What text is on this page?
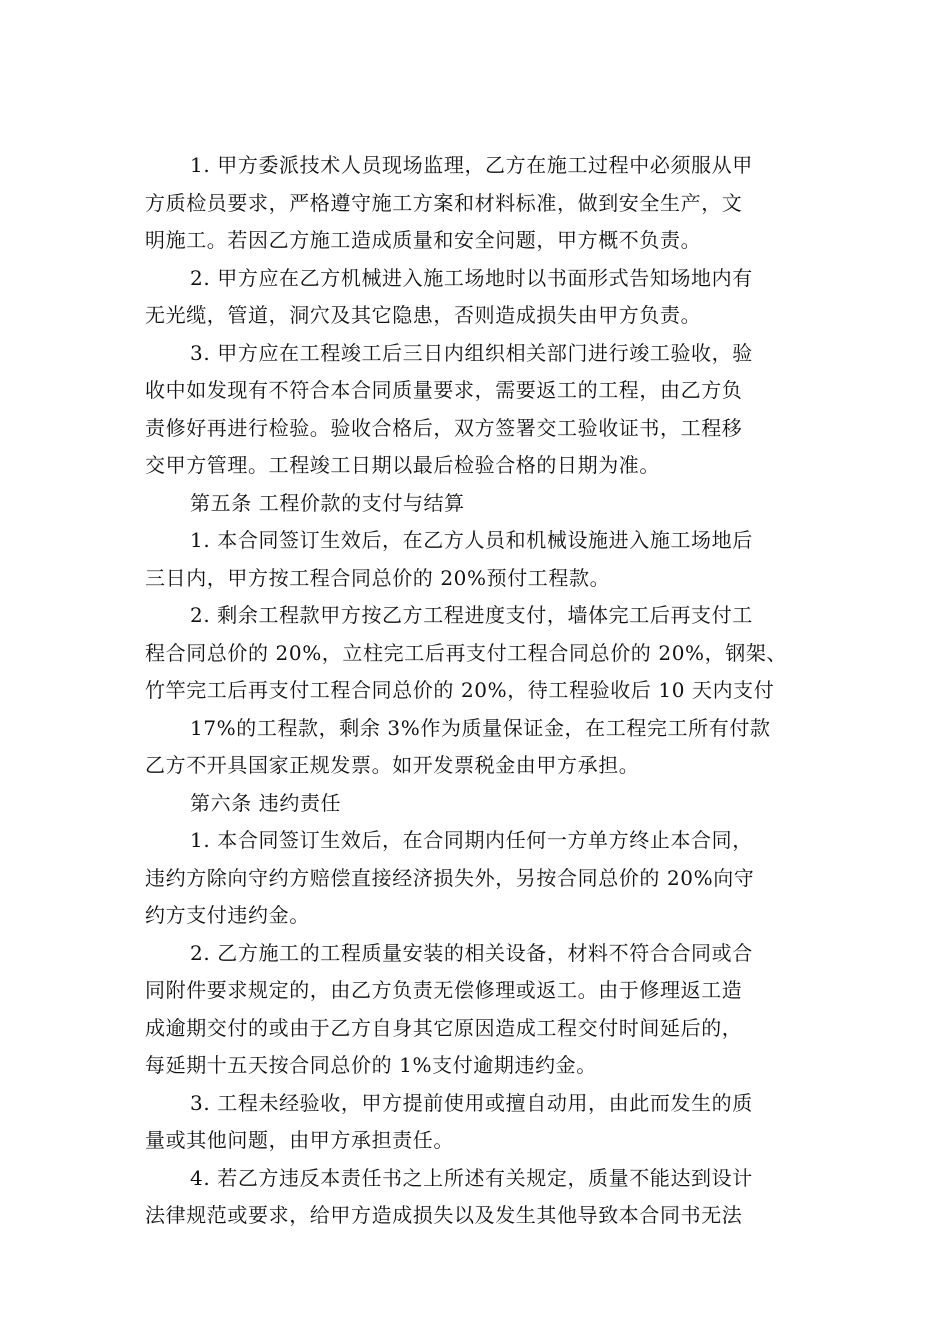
1. 甲方委派技术人员现场监理，乙方在施工过程中必须服从甲
方质检员要求，严格遵守施工方案和材料标准，做到安全生产，文
明施工。若因乙方施工造成质量和安全问题，甲方概不负责。
2. 甲方应在乙方机械进入施工场地时以书面形式告知场地内有
无光缆，管道，洞穴及其它隐患，否则造成损失由甲方负责。
3. 甲方应在工程竣工后三日内组织相关部门进行竣工验收，验
收中如发现有不符合本合同质量要求，需要返工的工程，由乙方负
责修好再进行检验。验收合格后，双方签署交工验收证书，工程移
交甲方管理。工程竣工日期以最后检验合格的日期为准。
第五条 工程价款的支付与结算
1. 本合同签订生效后，在乙方人员和机械设施进入施工场地后
三日内，甲方按工程合同总价的 20%预付工程款。
2. 剩余工程款甲方按乙方工程进度支付，墙体完工后再支付工
程合同总价的 20%，立柱完工后再支付工程合同总价的 20%，钢架、
竹竿完工后再支付工程合同总价的 20%，待工程验收后 10 天内支付
17%的工程款，剩余 3%作为质量保证金，在工程完工所有付款
乙方不开具国家正规发票。如开发票税金由甲方承担。
第六条 违约责任
1. 本合同签订生效后，在合同期内任何一方单方终止本合同，
违约方除向守约方赔偿直接经济损失外，另按合同总价的 20%向守
约方支付违约金。
2. 乙方施工的工程质量安装的相关设备，材料不符合合同或合
同附件要求规定的，由乙方负责无偿修理或返工。由于修理返工造
成逾期交付的或由于乙方自身其它原因造成工程交付时间延后的，
每延期十五天按合同总价的 1%支付逾期违约金。
3. 工程未经验收，甲方提前使用或擅自动用，由此而发生的质
量或其他问题，由甲方承担责任。
4. 若乙方违反本责任书之上所述有关规定，质量不能达到设计
法律规范或要求，给甲方造成损失以及发生其他导致本合同书无法
